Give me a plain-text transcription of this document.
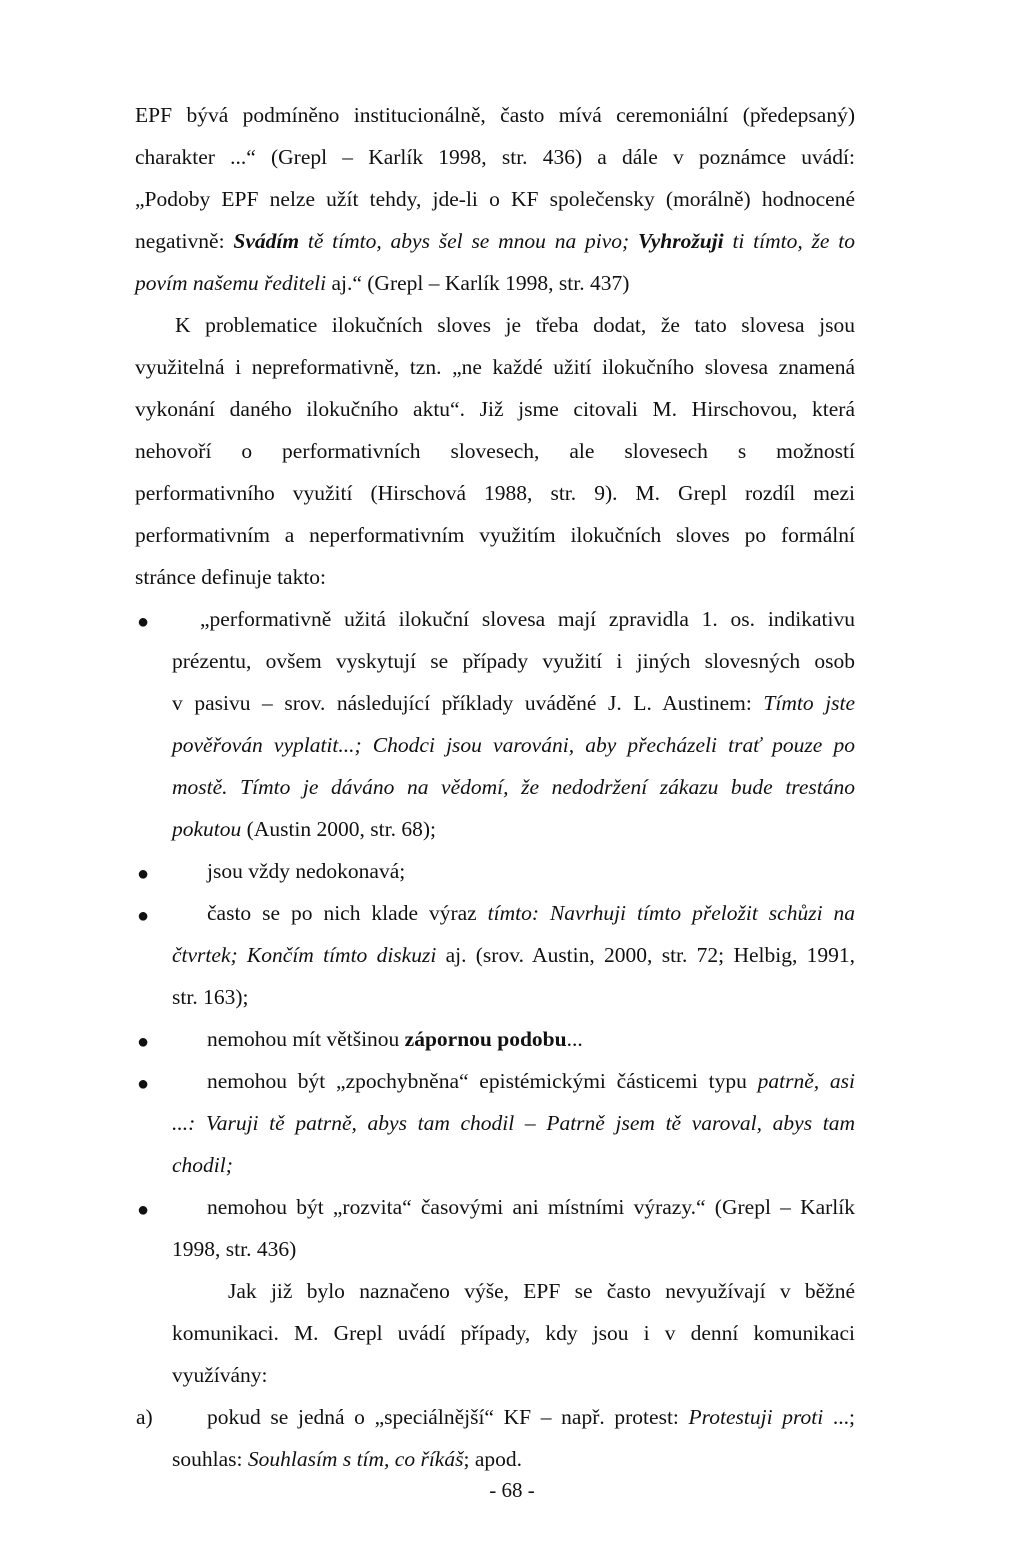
EPF bývá podmíněno institucionálně, často mívá ceremoniální (předepsaný)
charakter ...“ (Grepl – Karlík 1998, str. 436) a dále v poznámce uvádí:
„Podoby EPF nelze užít tehdy, jde-li o KF společensky (morálně) hodnocené
negativně: Svádím tě tímto, abys šel se mnou na pivo; Vyhrožuji ti tímto, že to
povím našemu řediteli aj.“ (Grepl – Karlík 1998, str. 437)
K problematice ilokučních sloves je třeba dodat, že tato slovesa jsou
využitelná i nepreformativně, tzn. „ne každé užití ilokučního slovesa znamená
vykonání daného ilokučního aktu“. Již jsme citovali M. Hirschovou, která
nehovoří o performativních slovesech, ale slovesech s možností
performativního využití (Hirschová 1988, str. 9). M. Grepl rozdíl mezi
performativním a neperformativním využitím ilokučních sloves po formální
stránce definuje takto:
● „performativně užitá ilokuční slovesa mají zpravidla 1. os. indikativu
prézentu, ovšem vyskytují se případy využití i jiných slovesných osob
v pasivu – srov. následující příklady uváděné J. L. Austinem: Tímto jste
pověřován vyplatit...; Chodci jsou varováni, aby přecházeli trať pouze po
mostě. Tímto je dáváno na vědomí, že nedodržení zákazu bude trestáno
pokutou (Austin 2000, str. 68);
●	jsou vždy nedokonavá;
●	často se po nich klade výraz tímto: Navrhuji tímto přeložit schůzi na
čtvrtek; Končím tímto diskuzi aj. (srov. Austin, 2000, str. 72; Helbig, 1991,
str. 163);
●	nemohou mít většinou zápornou podobu...
●	nemohou být „zpochybněna“ epistémickými částicemi typu patrně, asi
...: Varuji tě patrně, abys tam chodil – Patrně jsem tě varoval, abys tam
chodil;
●	nemohou být „rozvita“ časovými ani místními výrazy.“ (Grepl – Karlík
1998, str. 436)
Jak již bylo naznačeno výše, EPF se často nevyužívají v běžné
komunikaci. M. Grepl uvádí případy, kdy jsou i v denní komunikaci
využívány:
a)	pokud se jedná o „speciálnější“ KF – např. protest: Protestuji proti ...;
souhlas: Souhlasím s tím, co říkáš; apod.
- 68 -
